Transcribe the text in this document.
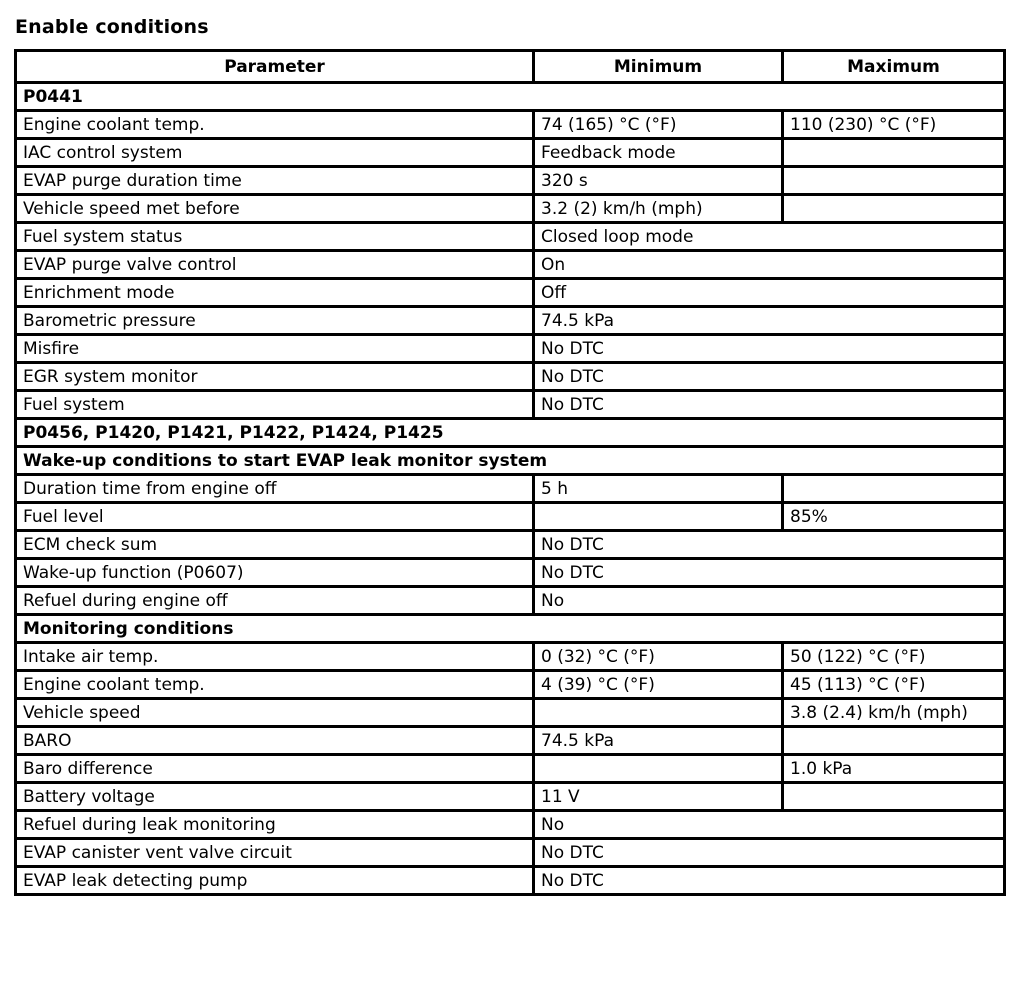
Enable conditions
Parameter	Minimum	Maximum
P0441		
Engine coolant temp.	74 (165) °C (°F)	110 (230) °C (°F)
IAC control system	Feedback mode	
EVAP purge duration time	320 s	
Vehicle speed met before	3.2 (2) km/h (mph)	
Fuel system status	Closed loop mode	
EVAP purge valve control	On	
Enrichment mode	Off	
Barometric pressure	74.5 kPa	
Misfire	No DTC	
EGR system monitor	No DTC	
Fuel system	No DTC	
P0456, P1420, P1421, P1422, P1424, P1425		
Wake-up conditions to start EVAP leak monitor system		
Duration time from engine off	5 h	
Fuel level		85%
ECM check sum	No DTC	
Wake-up function (P0607)	No DTC	
Refuel during engine off	No	
Monitoring conditions		
Intake air temp.	0 (32) °C (°F)	50 (122) °C (°F)
Engine coolant temp.	4 (39) °C (°F)	45 (113) °C (°F)
Vehicle speed		3.8 (2.4) km/h (mph)
BARO	74.5 kPa	
Baro difference		1.0 kPa
Battery voltage	11 V	
Refuel during leak monitoring	No	
EVAP canister vent valve circuit	No DTC	
EVAP leak detecting pump	No DTC	
